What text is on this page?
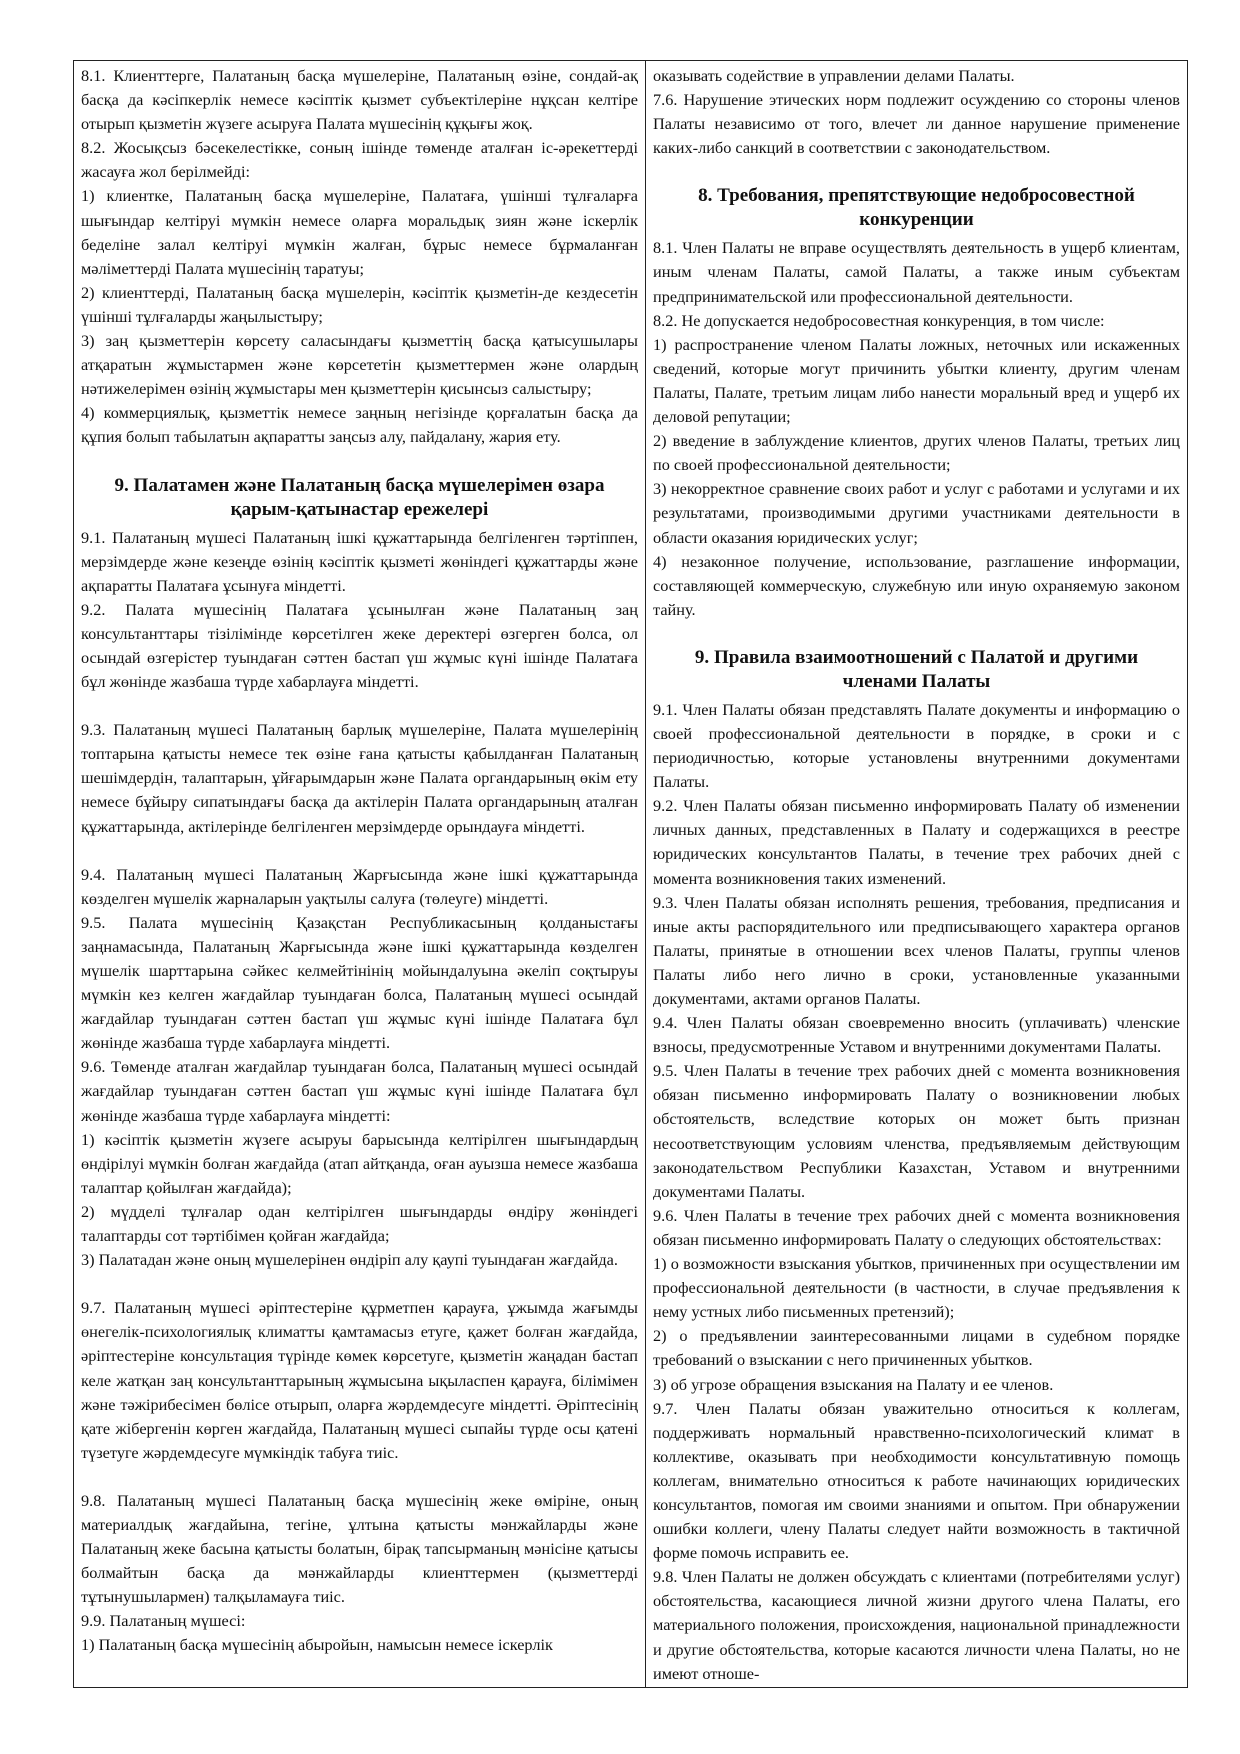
8.1. Клиенттерге, Палатаның басқа мүшелеріне, Палатаның өзіне, сондай-ақ басқа да кәсіпкерлік немесе кәсіптік қызмет субъектілеріне нұқсан келтіре отырып қызметін жүзеге асыруға Палата мүшесінің құқығы жоқ.

8.2. Жосықсыз бәсекелестікке, соның ішінде төменде аталған іс-әрекеттерді жасауға жол берілмейді:

1) клиентке, Палатаның басқа мүшелеріне, Палатаға, үшінші тұлғаларға шығындар келтіруі мүмкін немесе оларға моральдық зиян және іскерлік беделіне залал келтіруі мүмкін жалған, бұрыс немесе бұрмаланған мәліметтерді Палата мүшесінің таратуы;

2) клиенттерді, Палатаның басқа мүшелерін, кәсіптік қызметін-де кездесетін үшінші тұлғаларды жаңылыстыру;

3) заң қызметтерін көрсету саласындағы қызметтің басқа қатысушылары атқаратын жұмыстармен және көрсететін қызметтермен және олардың нәтижелерімен өзінің жұмыстары мен қызметтерін қисынсыз салыстыру;

4) коммерциялық, қызметтік немесе заңның негізінде қорғалатын басқа да құпия болып табылатын ақпаратты заңсыз алу, пайдалану, жария ету.

9. Палатамен және Палатаның басқа мүшелерімен өзара қарым-қатынастар ережелері

9.1. Палатаның мүшесі Палатаның ішкі құжаттарында белгіленген тәртіппен, мерзімдерде және кезеңде өзінің кәсіптік қызметі жөніндегі құжаттарды және ақпаратты Палатаға ұсынуға міндетті.

9.2. Палата мүшесінің Палатаға ұсынылған және Палатаның заң консультанттары тізілімінде көрсетілген жеке деректері өзгерген болса, ол осындай өзгерістер туындаған сәттен бастап үш жұмыс күні ішінде Палатаға бұл жөнінде жазбаша түрде хабарлауға міндетті.

9.3. Палатаның мүшесі Палатаның барлық мүшелеріне, Палата мүшелерінің топтарына қатысты немесе тек өзіне ғана қатысты қабылданған Палатаның шешімдердін, талаптарын, ұйғарымдарын және Палата органдарының өкім ету немесе бұйыру сипатындағы басқа да актілерін Палата органдарының аталған құжаттарында, актілерінде белгіленген мерзімдерде орындауға міндетті.

9.4. Палатаның мүшесі Палатаның Жарғысында және ішкі құжаттарында көзделген мүшелік жарналарын уақтылы салуға (төлеуге) міндетті.

9.5. Палата мүшесінің Қазақстан Республикасының қолданыстағы заңнамасында, Палатаның Жарғысында және ішкі құжаттарында көзделген мүшелік шарттарына сәйкес келмейтінінің мойындалуына әкеліп соқтыруы мүмкін кез келген жағдайлар туындаған болса, Палатаның мүшесі осындай жағдайлар туындаған сәттен бастап үш жұмыс күні ішінде Палатаға бұл жөнінде жазбаша түрде хабарлауға міндетті.

9.6. Төменде аталған жағдайлар туындаған болса, Палатаның мүшесі осындай жағдайлар туындаған сәттен бастап үш жұмыс күні ішінде Палатаға бұл жөнінде жазбаша түрде хабарлауға міндетті:

1) кәсіптік қызметін жүзеге асыруы барысында келтірілген шығындардың өндірілуі мүмкін болған жағдайда (атап айтқанда, оған ауызша немесе жазбаша талаптар қойылған жағдайда);

2) мүдделі тұлғалар одан келтірілген шығындарды өндіру жөніндегі талаптарды сот тәртібімен қойған жағдайда;

3) Палатадан және оның мүшелерінен өндіріп алу қаупі туындаған жағдайда.

9.7. Палатаның мүшесі әріптестеріне құрметпен қарауға, ұжымда жағымды өнегелік-психологиялық климатты қамтамасыз етуге, қажет болған жағдайда, әріптестеріне консультация түрінде көмек көрсетуге, қызметін жаңадан бастап келе жатқан заң консультанттарының жұмысына ықыласпен қарауға, білімімен және тәжірибесімен бөлісе отырып, оларға жәрдемдесуге міндетті. Әріптесінің қате жібергенін көрген жағдайда, Палатаның мүшесі сыпайы түрде осы қатені түзетуге жәрдемдесуге мүмкіндік табуға тиіс.

9.8. Палатаның мүшесі Палатаның басқа мүшесінің жеке өміріне, оның материалдық жағдайына, тегіне, ұлтына қатысты мәнжайларды және Палатаның жеке басына қатысты болатын, бірақ тапсырманың мәнісіне қатысы болмайтын басқа да мәнжайларды клиенттермен (қызметтерді тұтынушылармен) талқыламауға тиіс.

9.9. Палатаның мүшесі:

1) Палатаның басқа мүшесінің абыройын, намысын немесе іскерлік

оказывать содействие в управлении делами Палаты.

7.6. Нарушение этических норм подлежит осуждению со стороны членов Палаты независимо от того, влечет ли данное нарушение применение каких-либо санкций в соответствии с законодательством.

8. Требования, препятствующие недобросовестной конкуренции

8.1. Член Палаты не вправе осуществлять деятельность в ущерб клиентам, иным членам Палаты, самой Палаты, а также иным субъектам предпринимательской или профессиональной деятельности.

8.2. Не допускается недобросовестная конкуренция, в том числе:

1) распространение членом Палаты ложных, неточных или искаженных сведений, которые могут причинить убытки клиенту, другим членам Палаты, Палате, третьим лицам либо нанести моральный вред и ущерб их деловой репутации;

2) введение в заблуждение клиентов, других членов Палаты, третьих лиц по своей профессиональной деятельности;

3) некорректное сравнение своих работ и услуг с работами и услугами и их результатами, производимыми другими участниками деятельности в области оказания юридических услуг;

4) незаконное получение, использование, разглашение информации, составляющей коммерческую, служебную или иную охраняемую законом тайну.

9. Правила взаимоотношений с Палатой и другими членами Палаты

9.1. Член Палаты обязан представлять Палате документы и информацию о своей профессиональной деятельности в порядке, в сроки и с периодичностью, которые установлены внутренними документами Палаты.

9.2. Член Палаты обязан письменно информировать Палату об изменении личных данных, представленных в Палату и содержащихся в реестре юридических консультантов Палаты, в течение трех рабочих дней с момента возникновения таких изменений.

9.3. Член Палаты обязан исполнять решения, требования, предписания и иные акты распорядительного или предписывающего характера органов Палаты, принятые в отношении всех членов Палаты, группы членов Палаты либо него лично в сроки, установленные указанными документами, актами органов Палаты.

9.4. Член Палаты обязан своевременно вносить (уплачивать) членские взносы, предусмотренные Уставом и внутренними документами Палаты.

9.5. Член Палаты в течение трех рабочих дней с момента возникновения обязан письменно информировать Палату о возникновении любых обстоятельств, вследствие которых он может быть признан несоответствующим условиям членства, предъявляемым действующим законодательством Республики Казахстан, Уставом и внутренними документами Палаты.

9.6. Член Палаты в течение трех рабочих дней с момента возникновения обязан письменно информировать Палату о следующих обстоятельствах:

1) о возможности взыскания убытков, причиненных при осуществлении им профессиональной деятельности (в частности, в случае предъявления к нему устных либо письменных претензий);

2) о предъявлении заинтересованными лицами в судебном порядке требований о взыскании с него причиненных убытков.

3) об угрозе обращения взыскания на Палату и ее членов.

9.7. Член Палаты обязан уважительно относиться к коллегам, поддерживать нормальный нравственно-психологический климат в коллективе, оказывать при необходимости консультативную помощь коллегам, внимательно относиться к работе начинающих юридических консультантов, помогая им своими знаниями и опытом. При обнаружении ошибки коллеги, члену Палаты следует найти возможность в тактичной форме помочь исправить ее.

9.8. Член Палаты не должен обсуждать с клиентами (потребителями услуг) обстоятельства, касающиеся личной жизни другого члена Палаты, его материального положения, происхождения, национальной принадлежности и другие обстоятельства, которые касаются личности члена Палаты, но не имеют отноше-
